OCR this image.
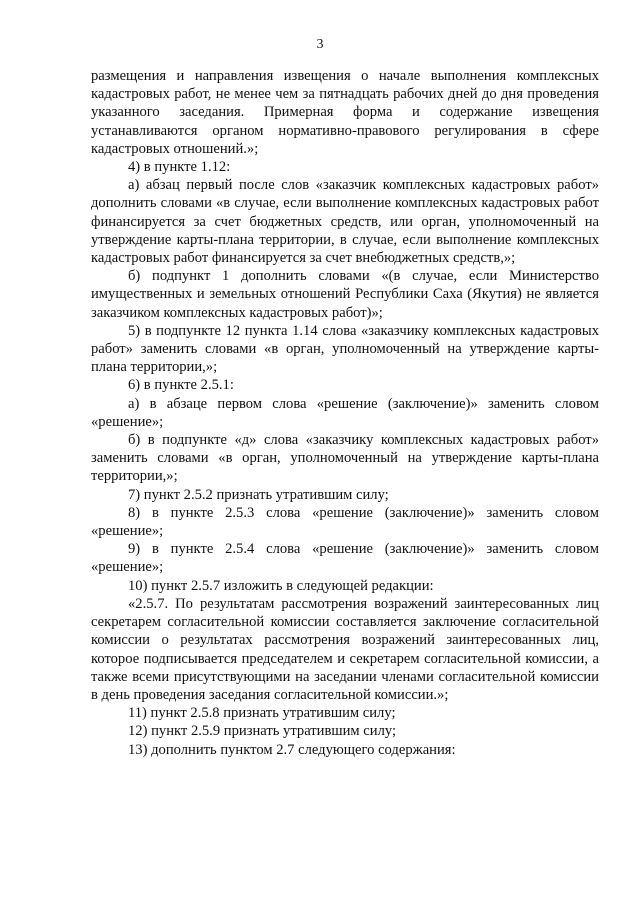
3

размещения и направления извещения о начале выполнения комплексных кадастровых работ, не менее чем за пятнадцать рабочих дней до дня проведения указанного заседания. Примерная форма и содержание извещения устанавливаются органом нормативно-правового регулирования в сфере кадастровых отношений.»;

4) в пункте 1.12:

а) абзац первый после слов «заказчик комплексных кадастровых работ» дополнить словами «в случае, если выполнение комплексных кадастровых работ финансируется за счет бюджетных средств, или орган, уполномоченный на утверждение карты-плана территории, в случае, если выполнение комплексных кадастровых работ финансируется за счет внебюджетных средств,»;

б) подпункт 1 дополнить словами «(в случае, если Министерство имущественных и земельных отношений Республики Саха (Якутия) не является заказчиком комплексных кадастровых работ)»;

5) в подпункте 12 пункта 1.14 слова «заказчику комплексных кадастровых работ» заменить словами «в орган, уполномоченный на утверждение карты-плана территории,»;

6) в пункте 2.5.1:

а) в абзаце первом слова «решение (заключение)» заменить словом «решение»;

б) в подпункте «д» слова «заказчику комплексных кадастровых работ» заменить словами «в орган, уполномоченный на утверждение карты-плана территории,»;

7) пункт 2.5.2 признать утратившим силу;

8) в пункте 2.5.3 слова «решение (заключение)» заменить словом «решение»;

9) в пункте 2.5.4 слова «решение (заключение)» заменить словом «решение»;

10) пункт 2.5.7 изложить в следующей редакции:

«2.5.7. По результатам рассмотрения возражений заинтересованных лиц секретарем согласительной комиссии составляется заключение согласительной комиссии о результатах рассмотрения возражений заинтересованных лиц, которое подписывается председателем и секретарем согласительной комиссии, а также всеми присутствующими на заседании членами согласительной комиссии в день проведения заседания согласительной комиссии.»;

11) пункт 2.5.8 признать утратившим силу;

12) пункт 2.5.9 признать утратившим силу;

13) дополнить пунктом 2.7 следующего содержания:
